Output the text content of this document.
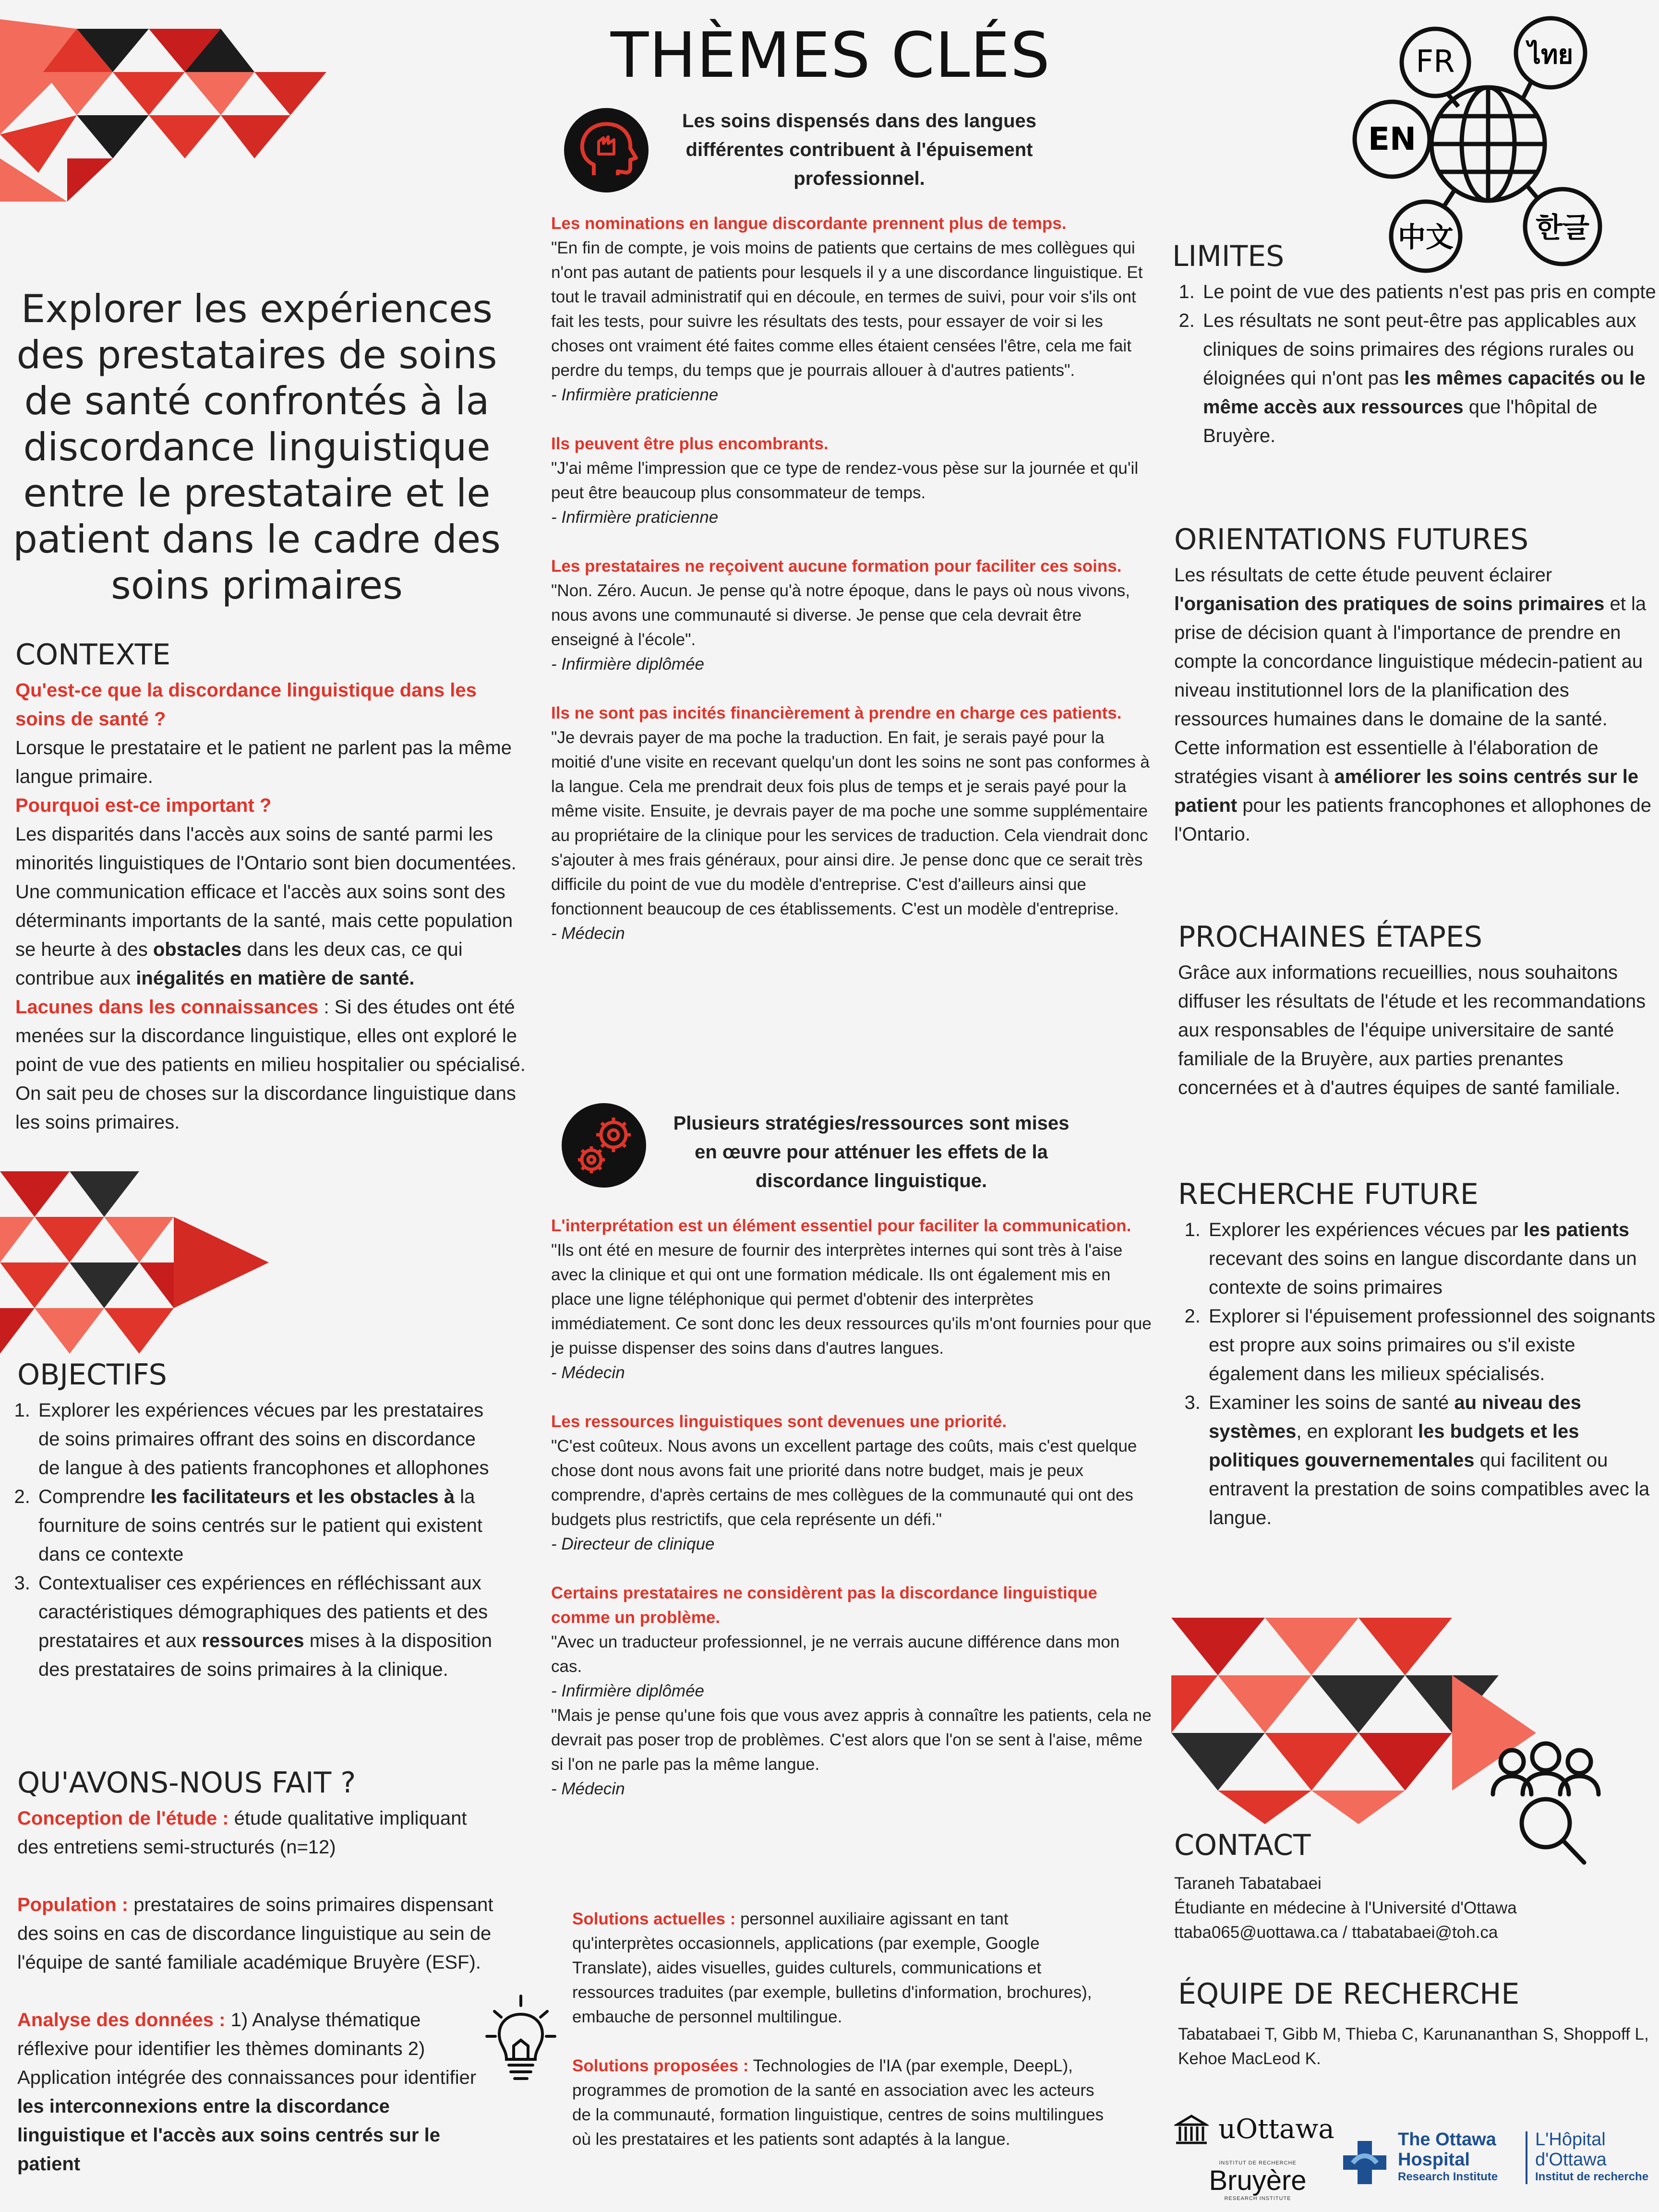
Explorer les expériences des prestataires de soins de santé confrontés à la discordance linguistique entre le prestataire et le patient dans le cadre des soins primaires
CONTEXTE

Qu'est-ce que la discordance linguistique dans les soins de santé ?

Lorsque le prestataire et le patient ne parlent pas la même langue primaire.

Pourquoi est-ce important ?

Les disparités dans l'accès aux soins de santé parmi les minorités linguistiques de l'Ontario sont bien documentées. Une communication efficace et l'accès aux soins sont des déterminants importants de la santé, mais cette population se heurte à des obstacles dans les deux cas, ce qui contribue aux inégalités en matière de santé.

Lacunes dans les connaissances : Si des études ont été menées sur la discordance linguistique, elles ont exploré le point de vue des patients en milieu hospitalier ou spécialisé. On sait peu de choses sur la discordance linguistique dans les soins primaires.

OBJECTIFS
1. Explorer les expériences vécues par les prestataires de soins primaires offrant des soins en discordance de langue à des patients francophones et allophones
2. Comprendre les facilitateurs et les obstacles à la fourniture de soins centrés sur le patient qui existent dans ce contexte
3. Contextualiser ces expériences en réfléchissant aux caractéristiques démographiques des patients et des prestataires et aux ressources mises à la disposition des prestataires de soins primaires à la clinique.
QU'AVONS-NOUS FAIT ?

Conception de l'étude : étude qualitative impliquant des entretiens semi-structurés (n=12)

Population : prestataires de soins primaires dispensant des soins en cas de discordance linguistique au sein de l'équipe de santé familiale académique Bruyère (ESF).

Analyse des données : 1) Analyse thématique réflexive pour identifier les thèmes dominants 2) Application intégrée des connaissances pour identifier les interconnexions entre la discordance linguistique et l'accès aux soins centrés sur le patient

THÈMES CLÉS
Les soins dispensés dans des langues différentes contribuent à l'épuisement professionnel.

Les nominations en langue discordante prennent plus de temps.

"En fin de compte, je vois moins de patients que certains de mes collègues qui n'ont pas autant de patients pour lesquels il y a une discordance linguistique. Et tout le travail administratif qui en découle, en termes de suivi, pour voir s'ils ont fait les tests, pour suivre les résultats des tests, pour essayer de voir si les choses ont vraiment été faites comme elles étaient censées l'être, cela me fait perdre du temps, du temps que je pourrais allouer à d'autres patients".

- Infirmière praticienne

Ils peuvent être plus encombrants.

"J'ai même l'impression que ce type de rendez-vous pèse sur la journée et qu'il peut être beaucoup plus consommateur de temps.

- Infirmière praticienne

Les prestataires ne reçoivent aucune formation pour faciliter ces soins.

"Non. Zéro. Aucun. Je pense qu'à notre époque, dans le pays où nous vivons, nous avons une communauté si diverse. Je pense que cela devrait être enseigné à l'école".

- Infirmière diplômée

Ils ne sont pas incités financièrement à prendre en charge ces patients.

"Je devrais payer de ma poche la traduction. En fait, je serais payé pour la moitié d'une visite en recevant quelqu'un dont les soins ne sont pas conformes à la langue. Cela me prendrait deux fois plus de temps et je serais payé pour la même visite. Ensuite, je devrais payer de ma poche une somme supplémentaire au propriétaire de la clinique pour les services de traduction. Cela viendrait donc s'ajouter à mes frais généraux, pour ainsi dire. Je pense donc que ce serait très difficile du point de vue du modèle d'entreprise. C'est d'ailleurs ainsi que fonctionnent beaucoup de ces établissements. C'est un modèle d'entreprise.

- Médecin

Plusieurs stratégies/ressources sont mises en œuvre pour atténuer les effets de la discordance linguistique.

L'interprétation est un élément essentiel pour faciliter la communication.

"Ils ont été en mesure de fournir des interprètes internes qui sont très à l'aise avec la clinique et qui ont une formation médicale. Ils ont également mis en place une ligne téléphonique qui permet d'obtenir des interprètes immédiatement. Ce sont donc les deux ressources qu'ils m'ont fournies pour que je puisse dispenser des soins dans d'autres langues.

- Médecin

Les ressources linguistiques sont devenues une priorité.

"C'est coûteux. Nous avons un excellent partage des coûts, mais c'est quelque chose dont nous avons fait une priorité dans notre budget, mais je peux comprendre, d'après certains de mes collègues de la communauté qui ont des budgets plus restrictifs, que cela représente un défi."

- Directeur de clinique

Certains prestataires ne considèrent pas la discordance linguistique comme un problème.

"Avec un traducteur professionnel, je ne verrais aucune différence dans mon cas.

- Infirmière diplômée

"Mais je pense qu'une fois que vous avez appris à connaître les patients, cela ne devrait pas poser trop de problèmes. C'est alors que l'on se sent à l'aise, même si l'on ne parle pas la même langue.

- Médecin

Solutions actuelles : personnel auxiliaire agissant en tant qu'interprètes occasionnels, applications (par exemple, Google Translate), aides visuelles, guides culturels, communications et ressources traduites (par exemple, bulletins d'information, brochures), embauche de personnel multilingue.

Solutions proposées : Technologies de l'IA (par exemple, DeepL), programmes de promotion de la santé en association avec les acteurs de la communauté, formation linguistique, centres de soins multilingues où les prestataires et les patients sont adaptés à la langue.

FR	ไทย
EN
中文	한글
LIMITES
1. Le point de vue des patients n'est pas pris en compte
2. Les résultats ne sont peut-être pas applicables aux cliniques de soins primaires des régions rurales ou éloignées qui n'ont pas les mêmes capacités ou le même accès aux ressources que l'hôpital de Bruyère.
ORIENTATIONS FUTURES

Les résultats de cette étude peuvent éclairer l'organisation des pratiques de soins primaires et la prise de décision quant à l'importance de prendre en compte la concordance linguistique médecin-patient au niveau institutionnel lors de la planification des ressources humaines dans le domaine de la santé.

Cette information est essentielle à l'élaboration de stratégies visant à améliorer les soins centrés sur le patient pour les patients francophones et allophones de l'Ontario.

PROCHAINES ÉTAPES

Grâce aux informations recueillies, nous souhaitons diffuser les résultats de l'étude et les recommandations aux responsables de l'équipe universitaire de santé familiale de la Bruyère, aux parties prenantes concernées et à d'autres équipes de santé familiale.

RECHERCHE FUTURE
1. Explorer les expériences vécues par les patients recevant des soins en langue discordante dans un contexte de soins primaires
2. Explorer si l'épuisement professionnel des soignants est propre aux soins primaires ou s'il existe également dans les milieux spécialisés.
3. Examiner les soins de santé au niveau des systèmes, en explorant les budgets et les politiques gouvernementales qui facilitent ou entravent la prestation de soins compatibles avec la langue.
CONTACT

Taraneh Tabatabaei

Étudiante en médecine à l'Université d'Ottawa

ttaba065@uottawa.ca / ttabatabaei@toh.ca

ÉQUIPE DE RECHERCHE

Tabatabaei T, Gibb M, Thieba C, Karunananthan S, Shoppoff L, Kehoe MacLeod K.

uOttawa
INSTITUT DE RECHERCHE
Bruyère
RESEARCH INSTITUTE
The Ottawa
Hospital
Research Institute
L'Hôpital
d'Ottawa
Institut de recherche
